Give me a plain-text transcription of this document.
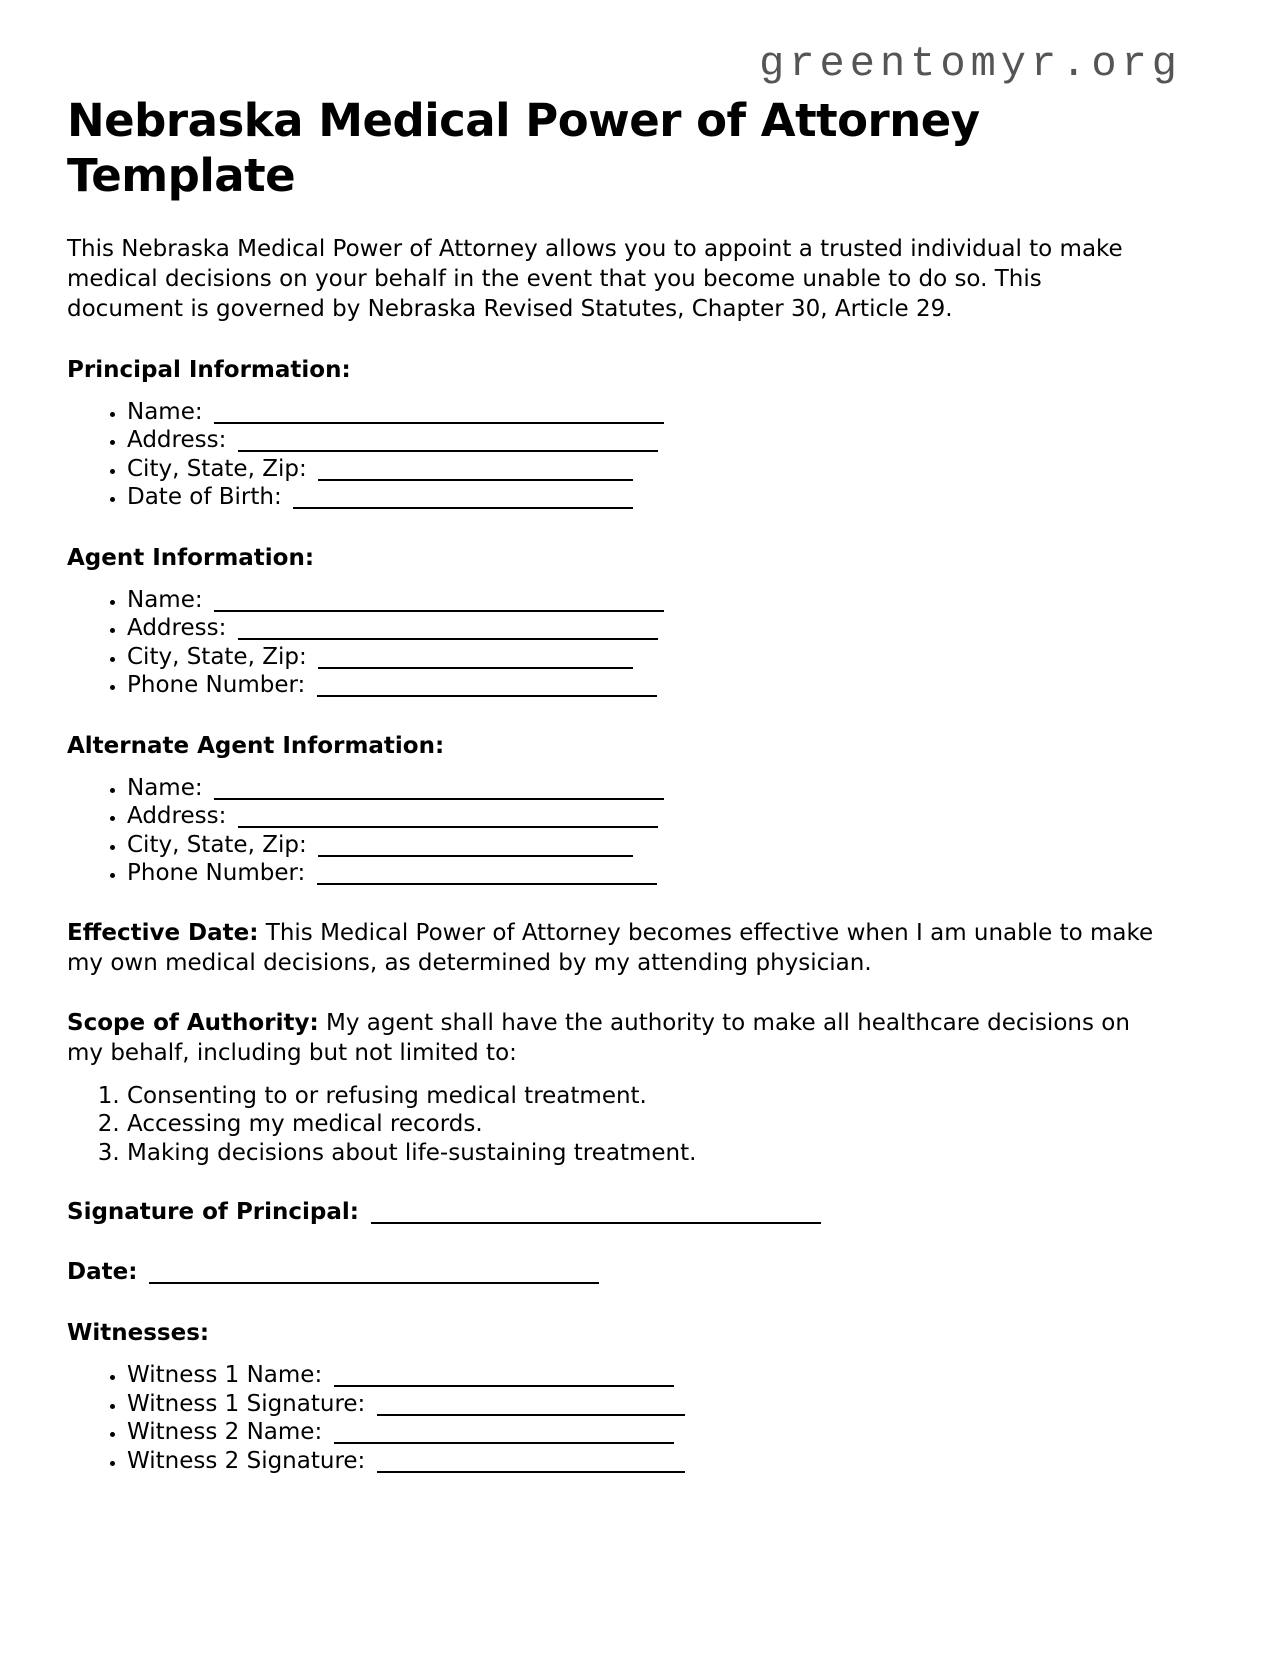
greentomyr.org
Nebraska Medical Power of Attorney Template

This Nebraska Medical Power of Attorney allows you to appoint a trusted individual to make medical decisions on your behalf in the event that you become unable to do so. This document is governed by Nebraska Revised Statutes, Chapter 30, Article 29.

Principal Information:
• Name:
• Address:
• City, State, Zip:
• Date of Birth:
Agent Information:
• Name:
• Address:
• City, State, Zip:
• Phone Number:
Alternate Agent Information:
• Name:
• Address:
• City, State, Zip:
• Phone Number:

Effective Date: This Medical Power of Attorney becomes effective when I am unable to make my own medical decisions, as determined by my attending physician.

Scope of Authority: My agent shall have the authority to make all healthcare decisions on my behalf, including but not limited to:

1. Consenting to or refusing medical treatment.
2. Accessing my medical records.
3. Making decisions about life-sustaining treatment.

Signature of Principal:

Date:

Witnesses:
• Witness 1 Name:
• Witness 1 Signature:
• Witness 2 Name:
• Witness 2 Signature:
